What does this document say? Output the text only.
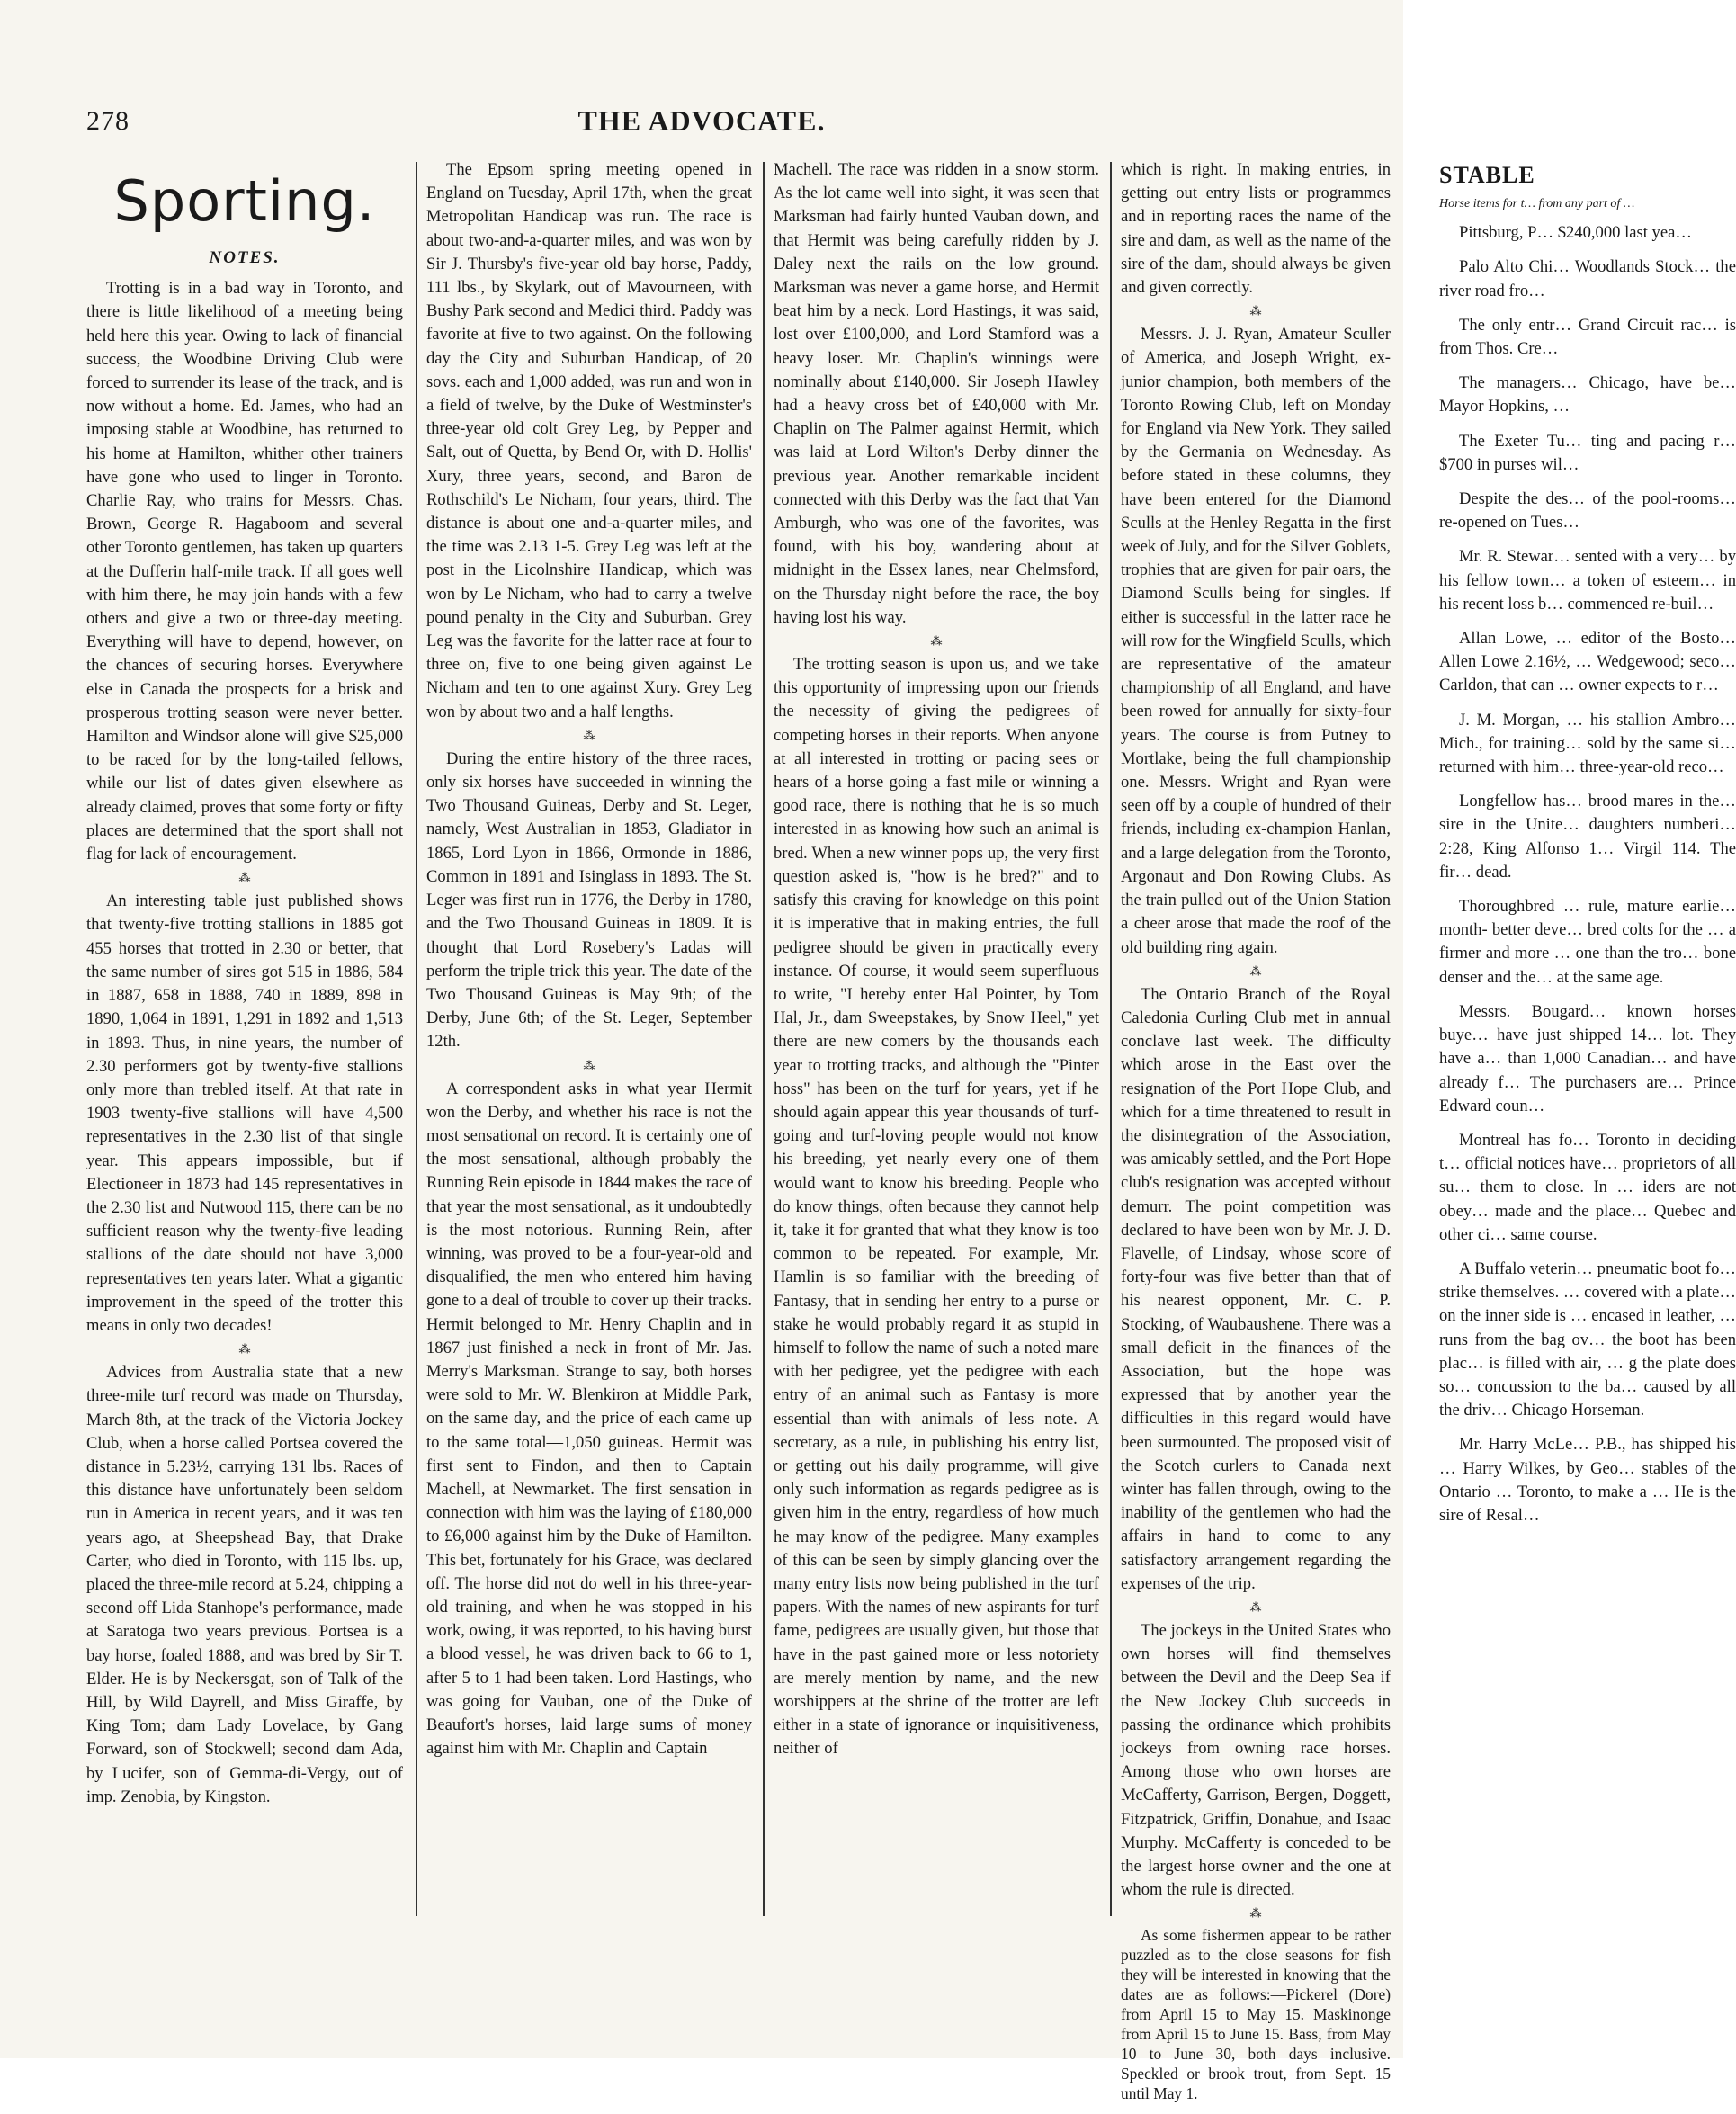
278	THE ADVOCATE.
Sporting.
NOTES.

Trotting is in a bad way in Toronto, and there is little likelihood of a meeting being held here this year. Owing to lack of financial success, the Woodbine Driving Club were forced to surrender its lease of the track, and is now without a home. Ed. James, who had an imposing stable at Woodbine, has returned to his home at Hamilton, whither other trainers have gone who used to linger in Toronto. Charlie Ray, who trains for Messrs. Chas. Brown, George R. Hagaboom and several other Toronto gentlemen, has taken up quarters at the Dufferin half-mile track. If all goes well with him there, he may join hands with a few others and give a two or three-day meeting. Everything will have to depend, however, on the chances of securing horses. Everywhere else in Canada the prospects for a brisk and prosperous trotting season were never better. Hamilton and Windsor alone will give $25,000 to be raced for by the long-tailed fellows, while our list of dates given elsewhere as already claimed, proves that some forty or fifty places are determined that the sport shall not flag for lack of encouragement.

⁂

An interesting table just published shows that twenty-five trotting stallions in 1885 got 455 horses that trotted in 2.30 or better, that the same number of sires got 515 in 1886, 584 in 1887, 658 in 1888, 740 in 1889, 898 in 1890, 1,064 in 1891, 1,291 in 1892 and 1,513 in 1893. Thus, in nine years, the number of 2.30 performers got by twenty-five stallions only more than trebled itself. At that rate in 1903 twenty-five stallions will have 4,500 representatives in the 2.30 list of that single year. This appears impossible, but if Electioneer in 1873 had 145 representatives in the 2.30 list and Nutwood 115, there can be no sufficient reason why the twenty-five leading stallions of the date should not have 3,000 representatives ten years later. What a gigantic improvement in the speed of the trotter this means in only two decades!

⁂

Advices from Australia state that a new three-mile turf record was made on Thursday, March 8th, at the track of the Victoria Jockey Club, when a horse called Portsea covered the distance in 5.23½, carrying 131 lbs. Races of this distance have unfortunately been seldom run in America in recent years, and it was ten years ago, at Sheepshead Bay, that Drake Carter, who died in Toronto, with 115 lbs. up, placed the three-mile record at 5.24, chipping a second off Lida Stanhope's performance, made at Saratoga two years previous. Portsea is a bay horse, foaled 1888, and was bred by Sir T. Elder. He is by Neckersgat, son of Talk of the Hill, by Wild Dayrell, and Miss Giraffe, by King Tom; dam Lady Lovelace, by Gang Forward, son of Stockwell; second dam Ada, by Lucifer, son of Gemma-di-Vergy, out of imp. Zenobia, by Kingston.

The Epsom spring meeting opened in England on Tuesday, April 17th, when the great Metropolitan Handicap was run. The race is about two-and-a-quarter miles, and was won by Sir J. Thursby's five-year old bay horse, Paddy, 111 lbs., by Skylark, out of Mavourneen, with Bushy Park second and Medici third. Paddy was favorite at five to two against. On the following day the City and Suburban Handicap, of 20 sovs. each and 1,000 added, was run and won in a field of twelve, by the Duke of Westminster's three-year old colt Grey Leg, by Pepper and Salt, out of Quetta, by Bend Or, with D. Hollis' Xury, three years, second, and Baron de Rothschild's Le Nicham, four years, third. The distance is about one and-a-quarter miles, and the time was 2.13 1-5. Grey Leg was left at the post in the Licolnshire Handicap, which was won by Le Nicham, who had to carry a twelve pound penalty in the City and Suburban. Grey Leg was the favorite for the latter race at four to three on, five to one being given against Le Nicham and ten to one against Xury. Grey Leg won by about two and a half lengths.

⁂

During the entire history of the three races, only six horses have succeeded in winning the Two Thousand Guineas, Derby and St. Leger, namely, West Australian in 1853, Gladiator in 1865, Lord Lyon in 1866, Ormonde in 1886, Common in 1891 and Isinglass in 1893. The St. Leger was first run in 1776, the Derby in 1780, and the Two Thousand Guineas in 1809. It is thought that Lord Rosebery's Ladas will perform the triple trick this year. The date of the Two Thousand Guineas is May 9th; of the Derby, June 6th; of the St. Leger, September 12th.

⁂

A correspondent asks in what year Hermit won the Derby, and whether his race is not the most sensational on record. It is certainly one of the most sensational, although probably the Running Rein episode in 1844 makes the race of that year the most sensational, as it undoubtedly is the most notorious. Running Rein, after winning, was proved to be a four-year-old and disqualified, the men who entered him having gone to a deal of trouble to cover up their tracks. Hermit belonged to Mr. Henry Chaplin and in 1867 just finished a neck in front of Mr. Jas. Merry's Marksman. Strange to say, both horses were sold to Mr. W. Blenkiron at Middle Park, on the same day, and the price of each came up to the same total—1,050 guineas. Hermit was first sent to Findon, and then to Captain Machell, at Newmarket. The first sensation in connection with him was the laying of £180,000 to £6,000 against him by the Duke of Hamilton. This bet, fortunately for his Grace, was declared off. The horse did not do well in his three-year-old training, and when he was stopped in his work, owing, it was reported, to his having burst a blood vessel, he was driven back to 66 to 1, after 5 to 1 had been taken. Lord Hastings, who was going for Vauban, one of the Duke of Beaufort's horses, laid large sums of money against him with Mr. Chaplin and Captain

Machell. The race was ridden in a snow storm. As the lot came well into sight, it was seen that Marksman had fairly hunted Vauban down, and that Hermit was being carefully ridden by J. Daley next the rails on the low ground. Marksman was never a game horse, and Hermit beat him by a neck. Lord Hastings, it was said, lost over £100,000, and Lord Stamford was a heavy loser. Mr. Chaplin's winnings were nominally about £140,000. Sir Joseph Hawley had a heavy cross bet of £40,000 with Mr. Chaplin on The Palmer against Hermit, which was laid at Lord Wilton's Derby dinner the previous year. Another remarkable incident connected with this Derby was the fact that Van Amburgh, who was one of the favorites, was found, with his boy, wandering about at midnight in the Essex lanes, near Chelmsford, on the Thursday night before the race, the boy having lost his way.

⁂

The trotting season is upon us, and we take this opportunity of impressing upon our friends the necessity of giving the pedigrees of competing horses in their reports. When anyone at all interested in trotting or pacing sees or hears of a horse going a fast mile or winning a good race, there is nothing that he is so much interested in as knowing how such an animal is bred. When a new winner pops up, the very first question asked is, "how is he bred?" and to satisfy this craving for knowledge on this point it is imperative that in making entries, the full pedigree should be given in practically every instance. Of course, it would seem superfluous to write, "I hereby enter Hal Pointer, by Tom Hal, Jr., dam Sweepstakes, by Snow Heel," yet there are new comers by the thousands each year to trotting tracks, and although the "Pinter hoss" has been on the turf for years, yet if he should again appear this year thousands of turf-going and turf-loving people would not know his breeding, yet nearly every one of them would want to know his breeding. People who do know things, often because they cannot help it, take it for granted that what they know is too common to be repeated. For example, Mr. Hamlin is so familiar with the breeding of Fantasy, that in sending her entry to a purse or stake he would probably regard it as stupid in himself to follow the name of such a noted mare with her pedigree, yet the pedigree with each entry of an animal such as Fantasy is more essential than with animals of less note. A secretary, as a rule, in publishing his entry list, or getting out his daily programme, will give only such information as regards pedigree as is given him in the entry, regardless of how much he may know of the pedigree. Many examples of this can be seen by simply glancing over the many entry lists now being published in the turf papers. With the names of new aspirants for turf fame, pedigrees are usually given, but those that have in the past gained more or less notoriety are merely mention by name, and the new worshippers at the shrine of the trotter are left either in a state of ignorance or inquisitiveness, neither of

which is right. In making entries, in getting out entry lists or programmes and in reporting races the name of the sire and dam, as well as the name of the sire of the dam, should always be given and given correctly.

⁂

Messrs. J. J. Ryan, Amateur Sculler of America, and Joseph Wright, ex-junior champion, both members of the Toronto Rowing Club, left on Monday for England via New York. They sailed by the Germania on Wednesday. As before stated in these columns, they have been entered for the Diamond Sculls at the Henley Regatta in the first week of July, and for the Silver Goblets, trophies that are given for pair oars, the Diamond Sculls being for singles. If either is successful in the latter race he will row for the Wingfield Sculls, which are representative of the amateur championship of all England, and have been rowed for annually for sixty-four years. The course is from Putney to Mortlake, being the full championship one. Messrs. Wright and Ryan were seen off by a couple of hundred of their friends, including ex-champion Hanlan, and a large delegation from the Toronto, Argonaut and Don Rowing Clubs. As the train pulled out of the Union Station a cheer arose that made the roof of the old building ring again.

⁂

The Ontario Branch of the Royal Caledonia Curling Club met in annual conclave last week. The difficulty which arose in the East over the resignation of the Port Hope Club, and which for a time threatened to result in the disintegration of the Association, was amicably settled, and the Port Hope club's resignation was accepted without demurr. The point competition was declared to have been won by Mr. J. D. Flavelle, of Lindsay, whose score of forty-four was five better than that of his nearest opponent, Mr. C. P. Stocking, of Waubaushene. There was a small deficit in the finances of the Association, but the hope was expressed that by another year the difficulties in this regard would have been surmounted. The proposed visit of the Scotch curlers to Canada next winter has fallen through, owing to the inability of the gentlemen who had the affairs in hand to come to any satisfactory arrangement regarding the expenses of the trip.

⁂

The jockeys in the United States who own horses will find themselves between the Devil and the Deep Sea if the New Jockey Club succeeds in passing the ordinance which prohibits jockeys from owning race horses. Among those who own horses are McCafferty, Garrison, Bergen, Doggett, Fitzpatrick, Griffin, Donahue, and Isaac Murphy. McCafferty is conceded to be the largest horse owner and the one at whom the rule is directed.

⁂

As some fishermen appear to be rather puzzled as to the close seasons for fish they will be interested in knowing that the dates are as follows:—Pickerel (Dore) from April 15 to May 15. Maskinonge from April 15 to June 15. Bass, from May 10 to June 30, both days inclusive. Speckled or brook trout, from Sept. 15 until May 1.

STABLE
Horse items for t… from any part of …

Pittsburg, P… $240,000 last yea…

Palo Alto Chi… Woodlands Stock… the river road fro…

The only entr… Grand Circuit rac… is from Thos. Cre…

The managers… Chicago, have be… Mayor Hopkins, …

The Exeter Tu… ting and pacing r… $700 in purses wil…

Despite the des… of the pool-rooms… re-opened on Tues…

Mr. R. Stewar… sented with a very… by his fellow town… a token of esteem… in his recent loss b… commenced re-buil…

Allan Lowe, … editor of the Bosto… Allen Lowe 2.16½, … Wedgewood; seco… Carldon, that can … owner expects to r…

J. M. Morgan, … his stallion Ambro… Mich., for training… sold by the same si… returned with him… three-year-old reco…

Longfellow has… brood mares in the… sire in the Unite… daughters numberi… 2:28, King Alfonso 1… Virgil 114. The fir… dead.

Thoroughbred … rule, mature earlie… month- better deve… bred colts for the … a firmer and more … one than the tro… bone denser and the… at the same age.

Messrs. Bougard… known horses buye… have just shipped 14… lot. They have a… than 1,000 Canadian… and have already f… The purchasers are… Prince Edward coun…

Montreal has fo… Toronto in deciding t… official notices have… proprietors of all su… them to close. In … iders are not obey… made and the place… Quebec and other ci… same course.

A Buffalo veterin… pneumatic boot fo… strike themselves. … covered with a plate… on the inner side is … encased in leather, … runs from the bag ov… the boot has been plac… is filled with air, … g the plate does so… concussion to the ba… caused by all the driv… Chicago Horseman.

Mr. Harry McLe… P.B., has shipped his … Harry Wilkes, by Geo… stables of the Ontario … Toronto, to make a … He is the sire of Resal…
